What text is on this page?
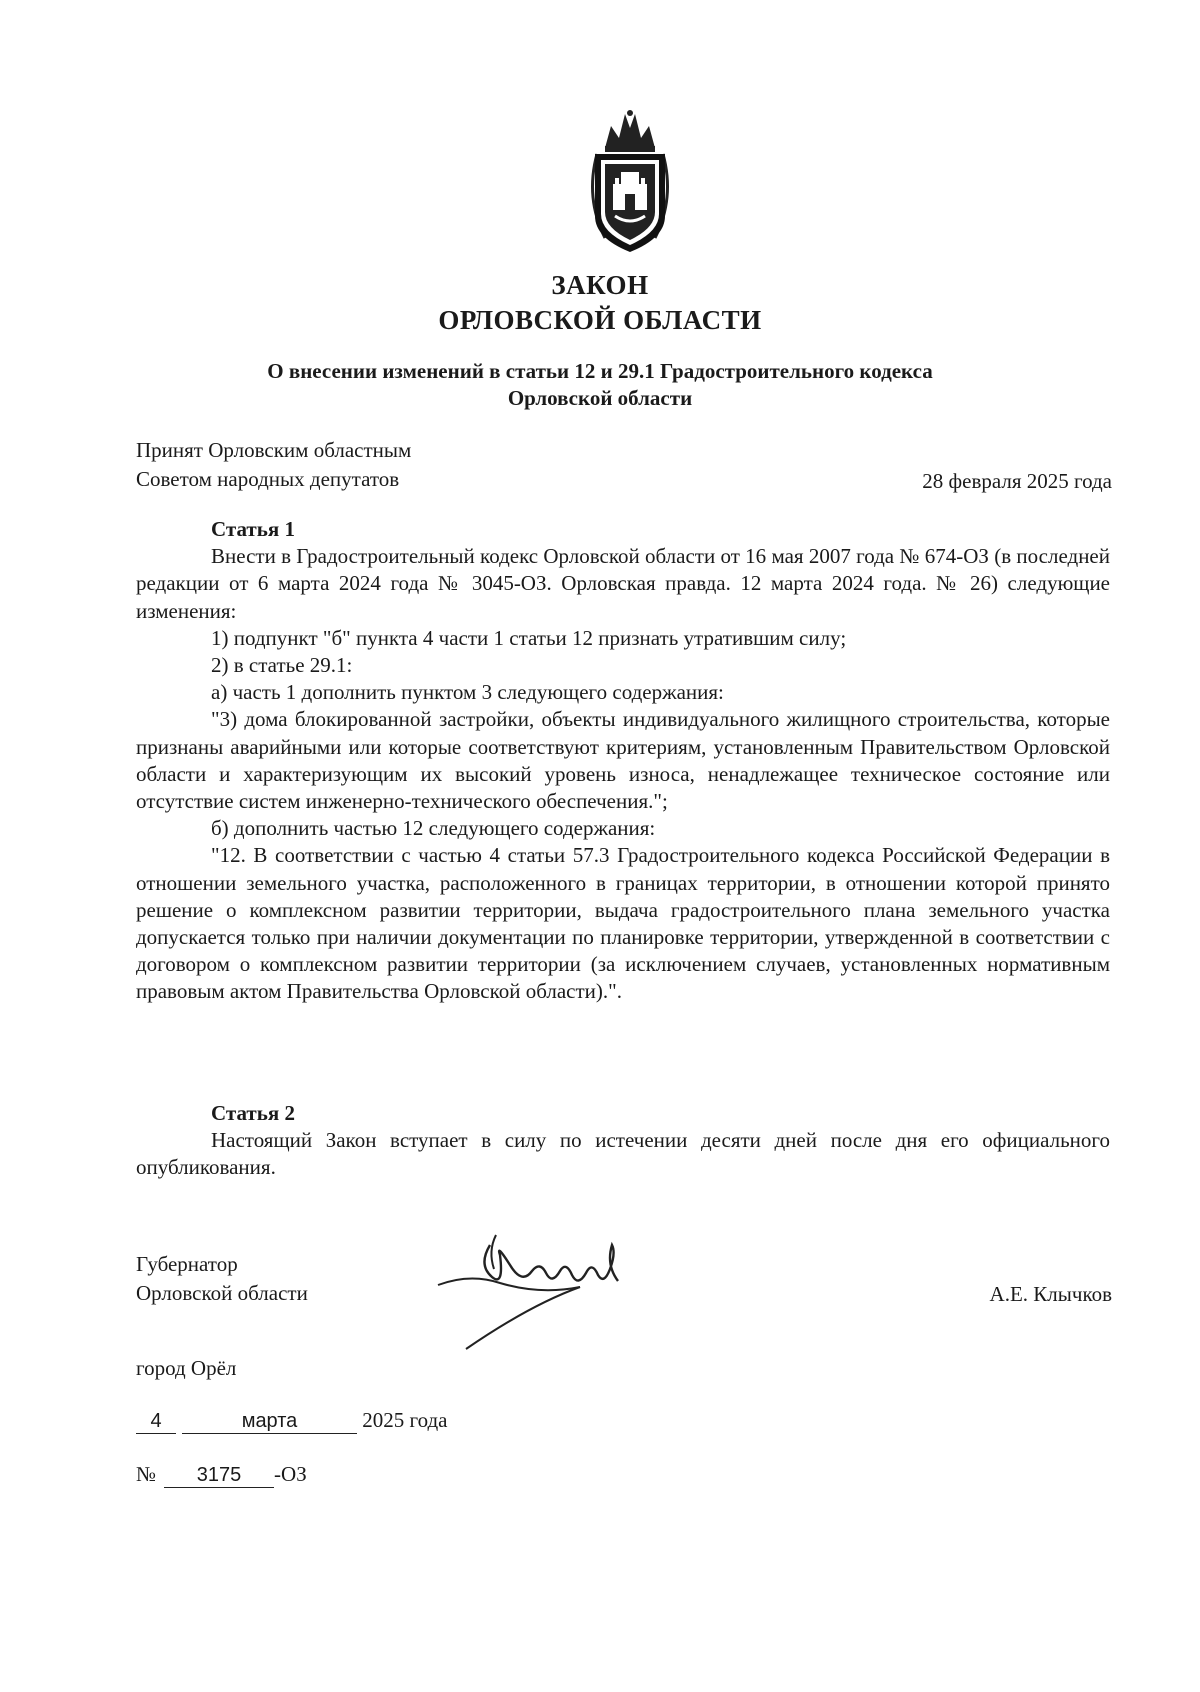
ЗАКОН
ОРЛОВСКОЙ ОБЛАСТИ
О внесении изменений в статьи 12 и 29.1 Градостроительного кодекса
Орловской области
Принят Орловским областным
Советом народных депутатов	28 февраля 2025 года

Статья 1

Внести в Градостроительный кодекс Орловской области от 16 мая 2007 года № 674-ОЗ (в последней редакции от 6 марта 2024 года № 3045-ОЗ. Орловская правда. 12 марта 2024 года. № 26) следующие изменения:

1) подпункт "б" пункта 4 части 1 статьи 12 признать утратившим силу;

2) в статье 29.1:

а) часть 1 дополнить пунктом 3 следующего содержания:

"3) дома блокированной застройки, объекты индивидуального жилищного строительства, которые признаны аварийными или которые соответствуют критериям, установленным Правительством Орловской области и характеризующим их высокий уровень износа, ненадлежащее техническое состояние или отсутствие систем инженерно-технического обеспечения.";

б) дополнить частью 12 следующего содержания:

"12. В соответствии с частью 4 статьи 57.3 Градостроительного кодекса Российской Федерации в отношении земельного участка, расположенного в границах территории, в отношении которой принято решение о комплексном развитии территории, выдача градостроительного плана земельного участка допускается только при наличии документации по планировке территории, утвержденной в соответствии с договором о комплексном развитии территории (за исключением случаев, установленных нормативным правовым актом Правительства Орловской области).".

Статья 2

Настоящий Закон вступает в силу по истечении десяти дней после дня его официального опубликования.

Губернатор
Орловской области	А.Е. Клычков
город Орёл
4	марта	2025 года
№ 3175 -ОЗ
